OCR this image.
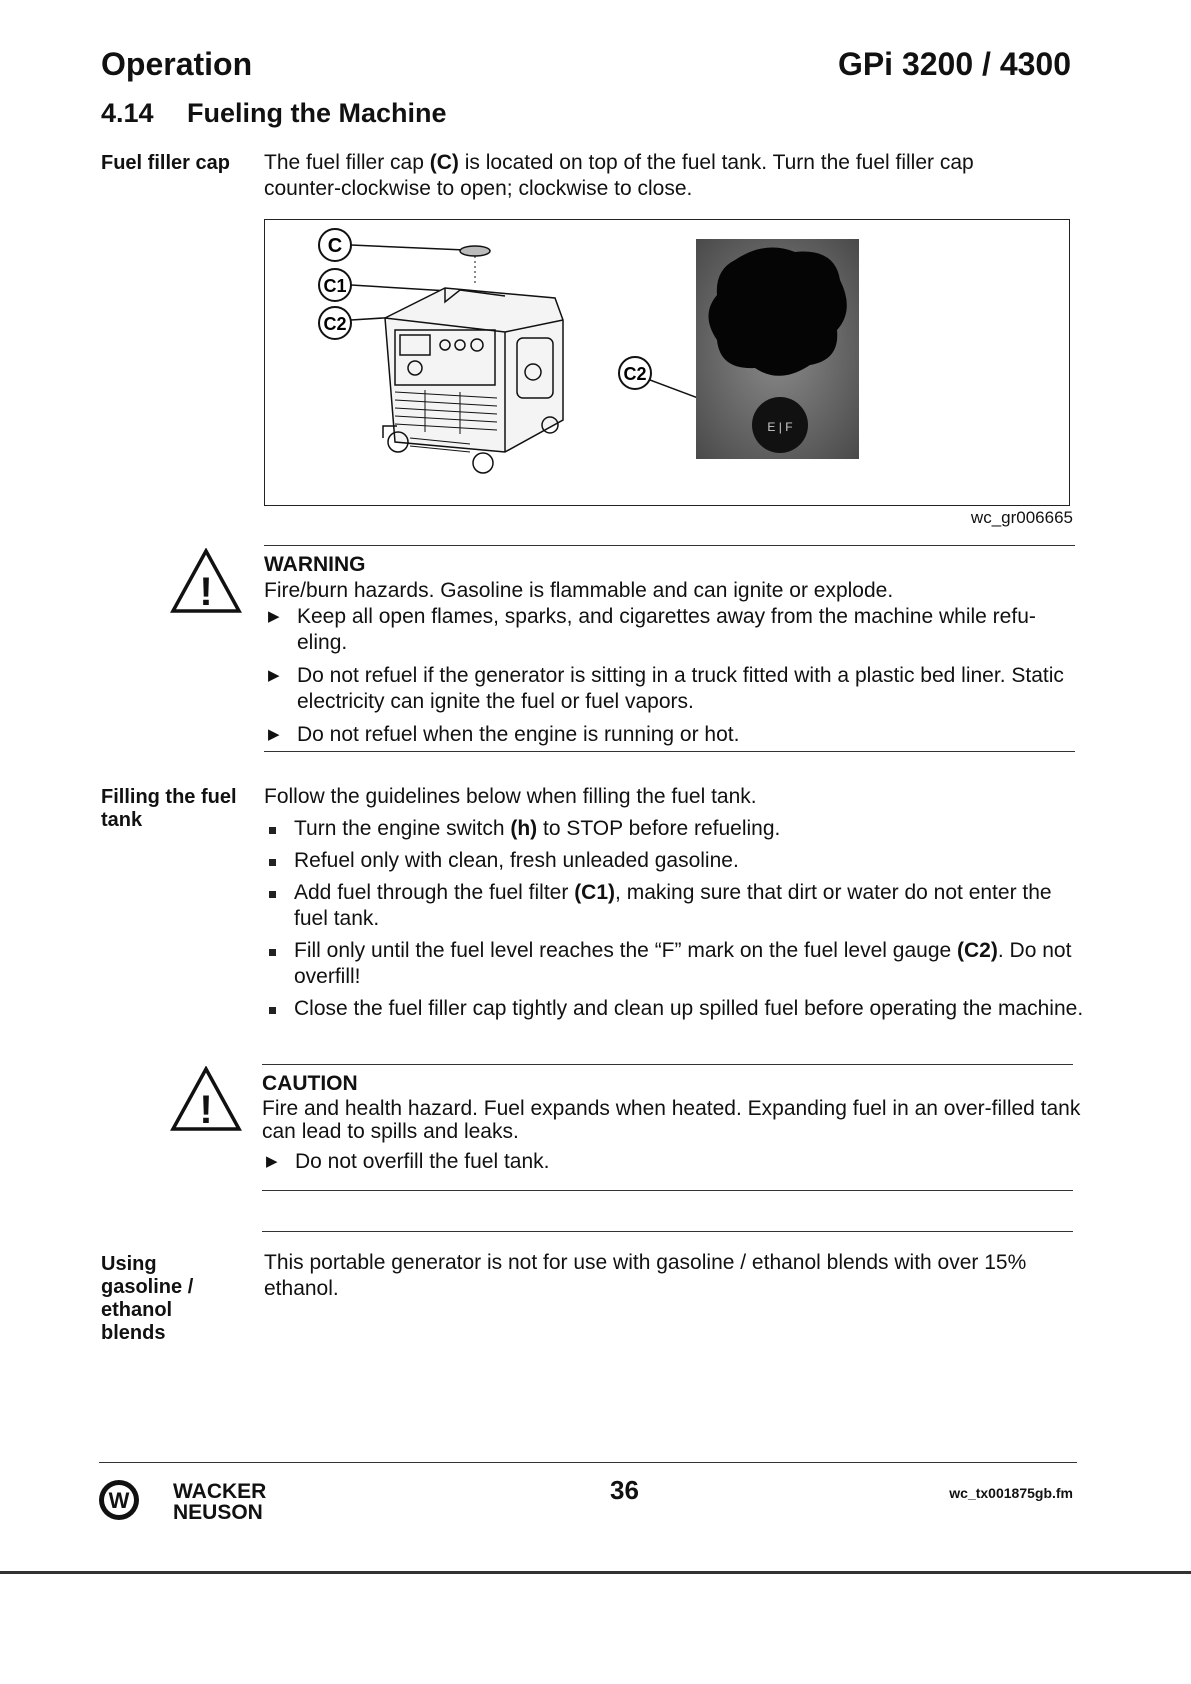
Operation	GPi 3200 / 4300
4.14 Fueling the Machine
Fuel filler cap	The fuel filler cap (C) is located on top of the fuel tank. Turn the fuel filler cap counter-clockwise to open; clockwise to close.
C
C1
C2
C2
E | F
wc_gr006665
!
WARNING

Fire/burn hazards. Gasoline is flammable and can ignite or explode.

▶ Keep all open flames, sparks, and cigarettes away from the machine while refu-eling.
▶ Do not refuel if the generator is sitting in a truck fitted with a plastic bed liner. Static electricity can ignite the fuel or fuel vapors.
▶ Do not refuel when the engine is running or hot.
Filling the fuel tank

Follow the guidelines below when filling the fuel tank.

Turn the engine switch (h) to STOP before refueling.
Refuel only with clean, fresh unleaded gasoline.
Add fuel through the fuel filter (C1), making sure that dirt or water do not enter the fuel tank.
Fill only until the fuel level reaches the “F” mark on the fuel level gauge (C2). Do not overfill!
Close the fuel filler cap tightly and clean up spilled fuel before operating the machine.
!
CAUTION

Fire and health hazard. Fuel expands when heated. Expanding fuel in an over-filled tank can lead to spills and leaks.

▶ Do not overfill the fuel tank.
Using gasoline / ethanol blends
This portable generator is not for use with gasoline / ethanol blends with over 15% ethanol.
W WACKER
NEUSON
36	wc_tx001875gb.fm
